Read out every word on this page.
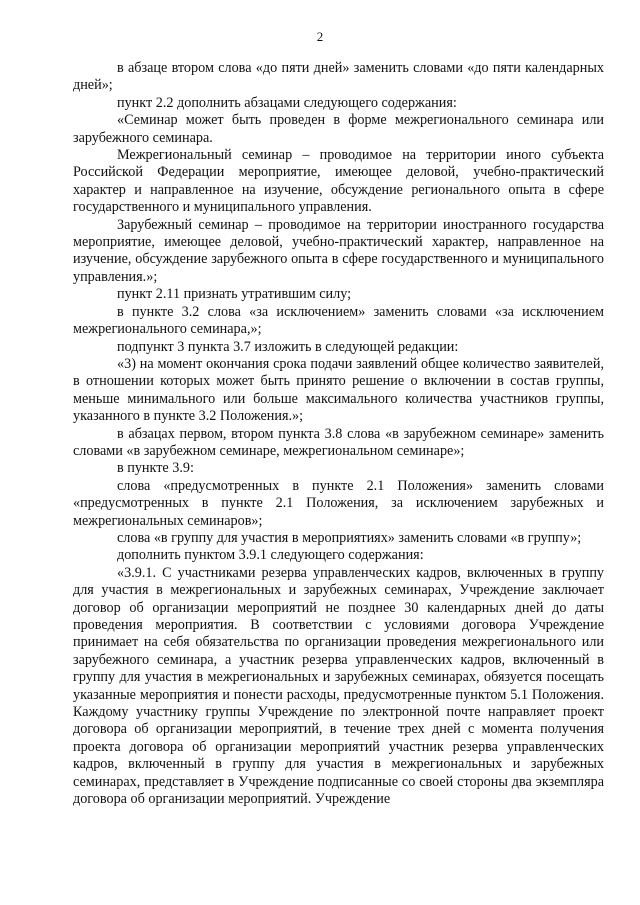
2

в абзаце втором слова «до пяти дней» заменить словами «до пяти календарных дней»;

пункт 2.2 дополнить абзацами следующего содержания:

«Семинар может быть проведен в форме межрегионального семинара или зарубежного семинара.

Межрегиональный семинар – проводимое на территории иного субъекта Российской Федерации мероприятие, имеющее деловой, учебно-практический характер и направленное на изучение, обсуждение регионального опыта в сфере государственного и муниципального управления.

Зарубежный семинар – проводимое на территории иностранного государства мероприятие, имеющее деловой, учебно-практический характер, направленное на изучение, обсуждение зарубежного опыта в сфере государственного и муниципального управления.»;

пункт 2.11 признать утратившим силу;

в пункте 3.2 слова «за исключением» заменить словами «за исключением межрегионального семинара,»;

подпункт 3 пункта 3.7 изложить в следующей редакции:

«3) на момент окончания срока подачи заявлений общее количество заявителей, в отношении которых может быть принято решение о включении в состав группы, меньше минимального или больше максимального количества участников группы, указанного в пункте 3.2 Положения.»;

в абзацах первом, втором пункта 3.8 слова «в зарубежном семинаре» заменить словами «в зарубежном семинаре, межрегиональном семинаре»;

в пункте 3.9:

слова «предусмотренных в пункте 2.1 Положения» заменить словами «предусмотренных в пункте 2.1 Положения, за исключением зарубежных и межрегиональных семинаров»;

слова «в группу для участия в мероприятиях» заменить словами «в группу»;

дополнить пунктом 3.9.1 следующего содержания:

«3.9.1. С участниками резерва управленческих кадров, включенных в группу для участия в межрегиональных и зарубежных семинарах, Учреждение заключает договор об организации мероприятий не позднее 30 календарных дней до даты проведения мероприятия. В соответствии с условиями договора Учреждение принимает на себя обязательства по организации проведения межрегионального или зарубежного семинара, а участник резерва управленческих кадров, включенный в группу для участия в межрегиональных и зарубежных семинарах, обязуется посещать указанные мероприятия и понести расходы, предусмотренные пунктом 5.1 Положения. Каждому участнику группы Учреждение по электронной почте направляет проект договора об организации мероприятий, в течение трех дней с момента получения проекта договора об организации мероприятий участник резерва управленческих кадров, включенный в группу для участия в межрегиональных и зарубежных семинарах, представляет в Учреждение подписанные со своей стороны два экземпляра договора об организации мероприятий. Учреждение
